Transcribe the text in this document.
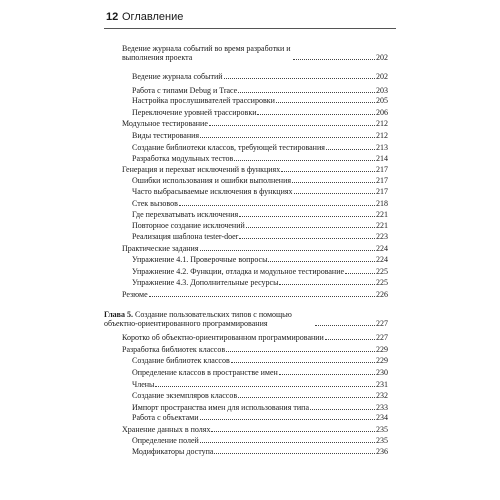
12 Оглавление
Ведение журнала событий во время разработки и выполнения проекта	202
Ведение журнала событий	202
Работа с типами Debug и Trace	203
Настройка прослушивателей трассировки	205
Переключение уровней трассировки	206
Модульное тестирование	212
Виды тестирования	212
Создание библиотеки классов, требующей тестирования	213
Разработка модульных тестов	214
Генерация и перехват исключений в функциях	217
Ошибки использования и ошибки выполнения	217
Часто выбрасываемые исключения в функциях	217
Стек вызовов	218
Где перехватывать исключения	221
Повторное создание исключений	221
Реализация шаблона tester-doer	223
Практические задания	224
Упражнение 4.1. Проверочные вопросы	224
Упражнение 4.2. Функции, отладка и модульное тестирование	225
Упражнение 4.3. Дополнительные ресурсы	225
Резюме	226
Глава 5. Создание пользовательских типов с помощью объектно-ориентированного программирования	227
Коротко об объектно-ориентированном программировании	227
Разработка библиотек классов	229
Создание библиотек классов	229
Определение классов в пространстве имен	230
Члены	231
Создание экземпляров классов	232
Импорт пространства имен для использования типа	233
Работа с объектами	234
Хранение данных в полях	235
Определение полей	235
Модификаторы доступа	236
